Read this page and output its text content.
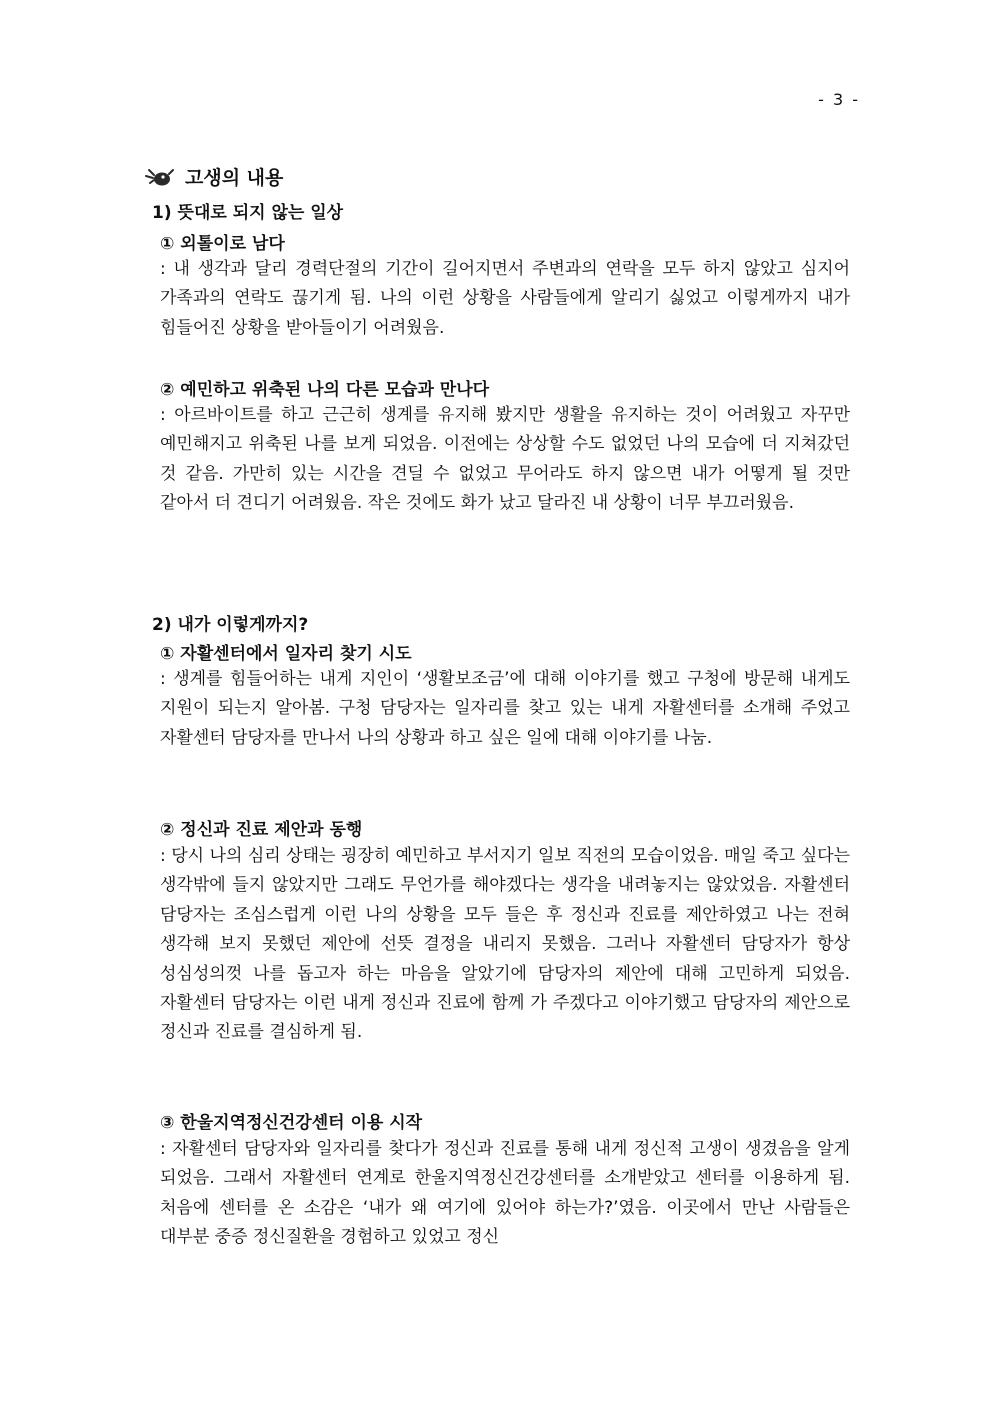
- 3 -
고생의 내용
1) 뜻대로 되지 않는 일상
① 외톨이로 남다
: 내 생각과 달리 경력단절의 기간이 길어지면서 주변과의 연락을 모두 하지 않았고 심지어 가족과의 연락도 끊기게 됨. 나의 이런 상황을 사람들에게 알리기 싫었고 이렇게까지 내가 힘들어진 상황을 받아들이기 어려웠음.
② 예민하고 위축된 나의 다른 모습과 만나다
: 아르바이트를 하고 근근히 생계를 유지해 봤지만 생활을 유지하는 것이 어려웠고 자꾸만 예민해지고 위축된 나를 보게 되었음. 이전에는 상상할 수도 없었던 나의 모습에 더 지쳐갔던 것 같음. 가만히 있는 시간을 견딜 수 없었고 무어라도 하지 않으면 내가 어떻게 될 것만 같아서 더 견디기 어려웠음. 작은 것에도 화가 났고 달라진 내 상황이 너무 부끄러웠음.
2) 내가 이렇게까지?
① 자활센터에서 일자리 찾기 시도
: 생계를 힘들어하는 내게 지인이 ‘생활보조금’에 대해 이야기를 했고 구청에 방문해 내게도 지원이 되는지 알아봄. 구청 담당자는 일자리를 찾고 있는 내게 자활센터를 소개해 주었고 자활센터 담당자를 만나서 나의 상황과 하고 싶은 일에 대해 이야기를 나눔.
② 정신과 진료 제안과 동행
: 당시 나의 심리 상태는 굉장히 예민하고 부서지기 일보 직전의 모습이었음. 매일 죽고 싶다는 생각밖에 들지 않았지만 그래도 무언가를 해야겠다는 생각을 내려놓지는 않았었음. 자활센터 담당자는 조심스럽게 이런 나의 상황을 모두 들은 후 정신과 진료를 제안하였고 나는 전혀 생각해 보지 못했던 제안에 선뜻 결정을 내리지 못했음. 그러나 자활센터 담당자가 항상 성심성의껏 나를 돕고자 하는 마음을 알았기에 담당자의 제안에 대해 고민하게 되었음. 자활센터 담당자는 이런 내게 정신과 진료에 함께 가 주겠다고 이야기했고 담당자의 제안으로 정신과 진료를 결심하게 됨.
③ 한울지역정신건강센터 이용 시작
: 자활센터 담당자와 일자리를 찾다가 정신과 진료를 통해 내게 정신적 고생이 생겼음을 알게 되었음. 그래서 자활센터 연계로 한울지역정신건강센터를 소개받았고 센터를 이용하게 됨. 처음에 센터를 온 소감은 ‘내가 왜 여기에 있어야 하는가?’였음. 이곳에서 만난 사람들은 대부분 중증 정신질환을 경험하고 있었고 정신
